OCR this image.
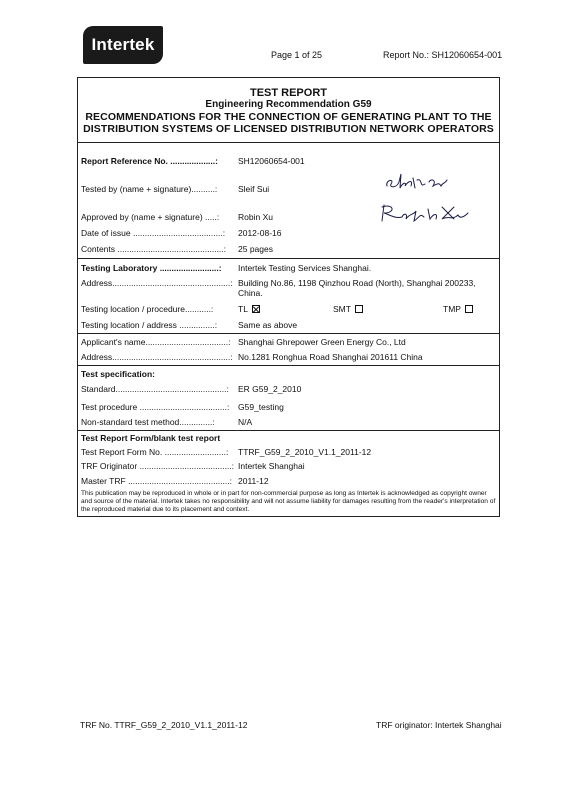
Intertek
Page 1 of 25	Report No.: SH12060654-001
TEST REPORT
Engineering Recommendation G59
RECOMMENDATIONS FOR THE CONNECTION OF GENERATING PLANT TO THE
DISTRIBUTION SYSTEMS OF LICENSED DISTRIBUTION NETWORK OPERATORS
Report Reference No. ...................: SH12060654-001
Tested by (name + signature)..........: Sleif Sui
Approved by (name + signature) .....: Robin Xu
Date of issue ......................................: 2012-08-16
Contents .............................................: 25 pages
Testing Laboratory .........................: Intertek Testing Services Shanghai.
Address..................................................: Building No.86, 1198 Qinzhou Road (North), Shanghai 200233, China.
Testing location / procedure...........:	TL	SMT	TMP
Testing location / address ...............: Same as above
Applicant's name...................................: Shanghai Ghrepower Green Energy Co., Ltd
Address..................................................: No.1281 Ronghua Road Shanghai 201611 China
Test specification:
Standard...............................................: ER G59_2_2010
Test procedure .....................................: G59_testing
Non-standard test method..............:	N/A
Test Report Form/blank test report
Test Report Form No. ..........................: TTRF_G59_2_2010_V1.1_2011-12
TRF Originator .......................................: Intertek Shanghai
Master TRF ...........................................: 2011-12
This publication may be reproduced in whole or in part for non-commercial purpose as long as Intertek is acknowledged as copyright owner and source of the material. Intertek takes no responsibility and will not assume liability for damages resulting from the reader's interpretation of the reproduced material due to its placement and context.
TRF No. TTRF_G59_2_2010_V1.1_2011-12	TRF originator: Intertek Shanghai
